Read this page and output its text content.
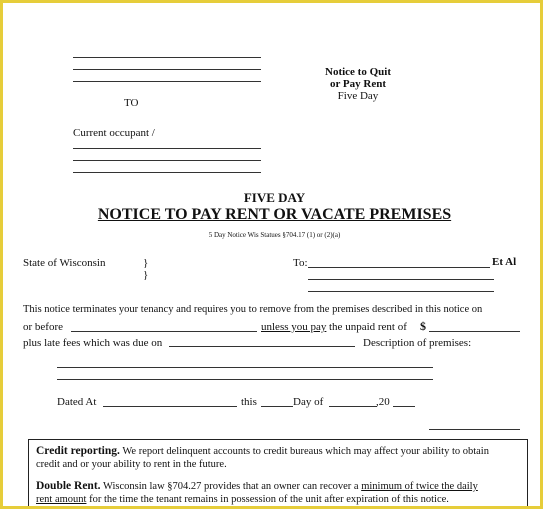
TO
Notice to Quit
or Pay Rent
Five Day
Current occupant /
FIVE DAY
NOTICE TO PAY RENT OR VACATE PREMISES
5 Day Notice Wis Statues §704.17 (1) or (2)(a)
State of Wisconsin	}
}
To:	Et Al
This notice terminates your tenancy and requires you to remove from the premises described in this notice on
or before	unless you pay the unpaid rent of $
plus late fees which was due on	Description of premises:
Dated At	this	Day of	,20
Credit reporting. We report delinquent accounts to credit bureaus which may affect your ability to obtain
credit and or your ability to rent in the future.
Double Rent. Wisconsin law §704.27 provides that an owner can recover a minimum of twice the daily
rent amount for the time the tenant remains in possession of the unit after expiration of this notice.
